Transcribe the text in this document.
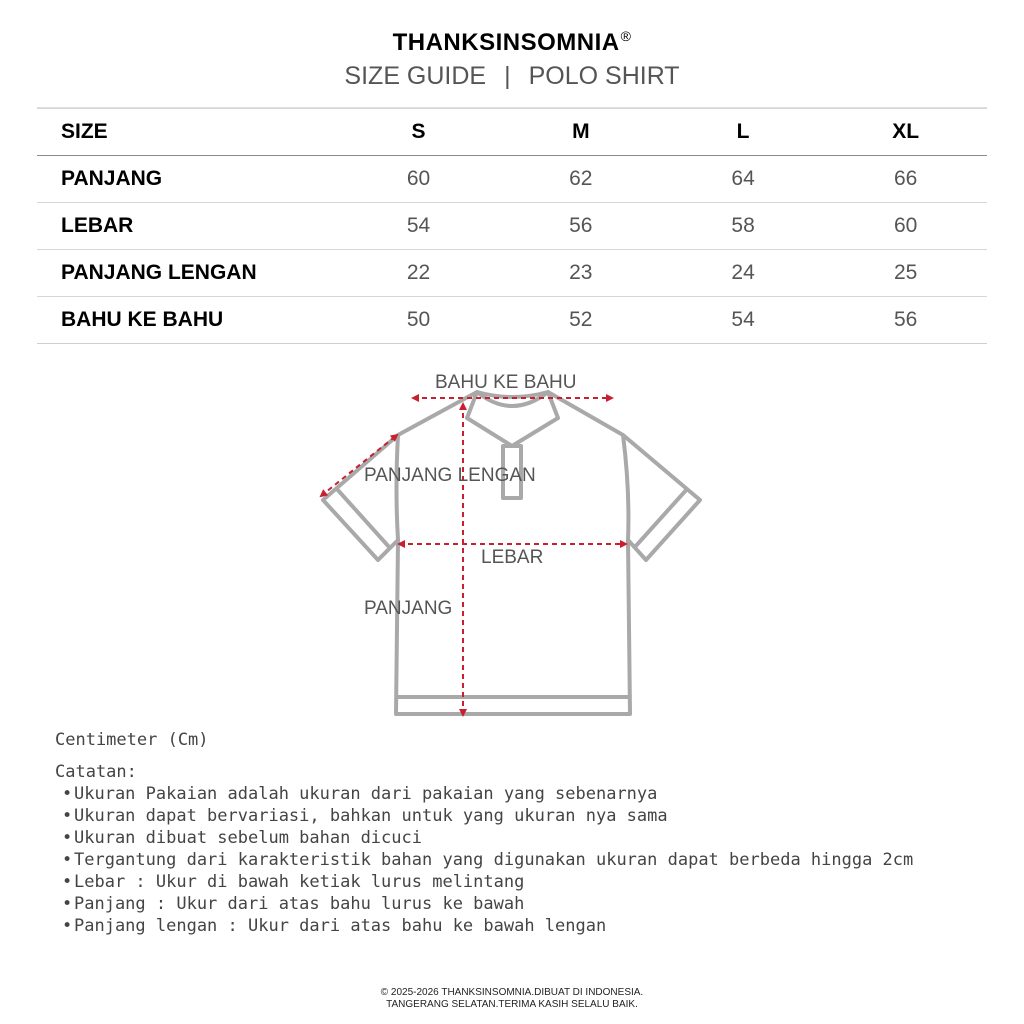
THANKSINSOMNIA®
SIZE GUIDE | POLO SHIRT

SIZE	S	M	L	XL
PANJANG	60	62	64	66
LEBAR	54	56	58	60
PANJANG LENGAN	22	23	24	25
BAHU KE BAHU	50	52	54	56
BAHU KE BAHU
PANJANG LENGAN
LEBAR
PANJANG
Centimeter (Cm)
Catatan:
• Ukuran Pakaian adalah ukuran dari pakaian yang sebenarnya
• Ukuran dapat bervariasi, bahkan untuk yang ukuran nya sama
• Ukuran dibuat sebelum bahan dicuci
• Tergantung dari karakteristik bahan yang digunakan ukuran dapat berbeda hingga 2cm
• Lebar : Ukur di bawah ketiak lurus melintang
• Panjang : Ukur dari atas bahu lurus ke bawah
• Panjang lengan : Ukur dari atas bahu ke bawah lengan
© 2025-2026 THANKSINSOMNIA.DIBUAT DI INDONESIA.
TANGERANG SELATAN.TERIMA KASIH SELALU BAIK.
